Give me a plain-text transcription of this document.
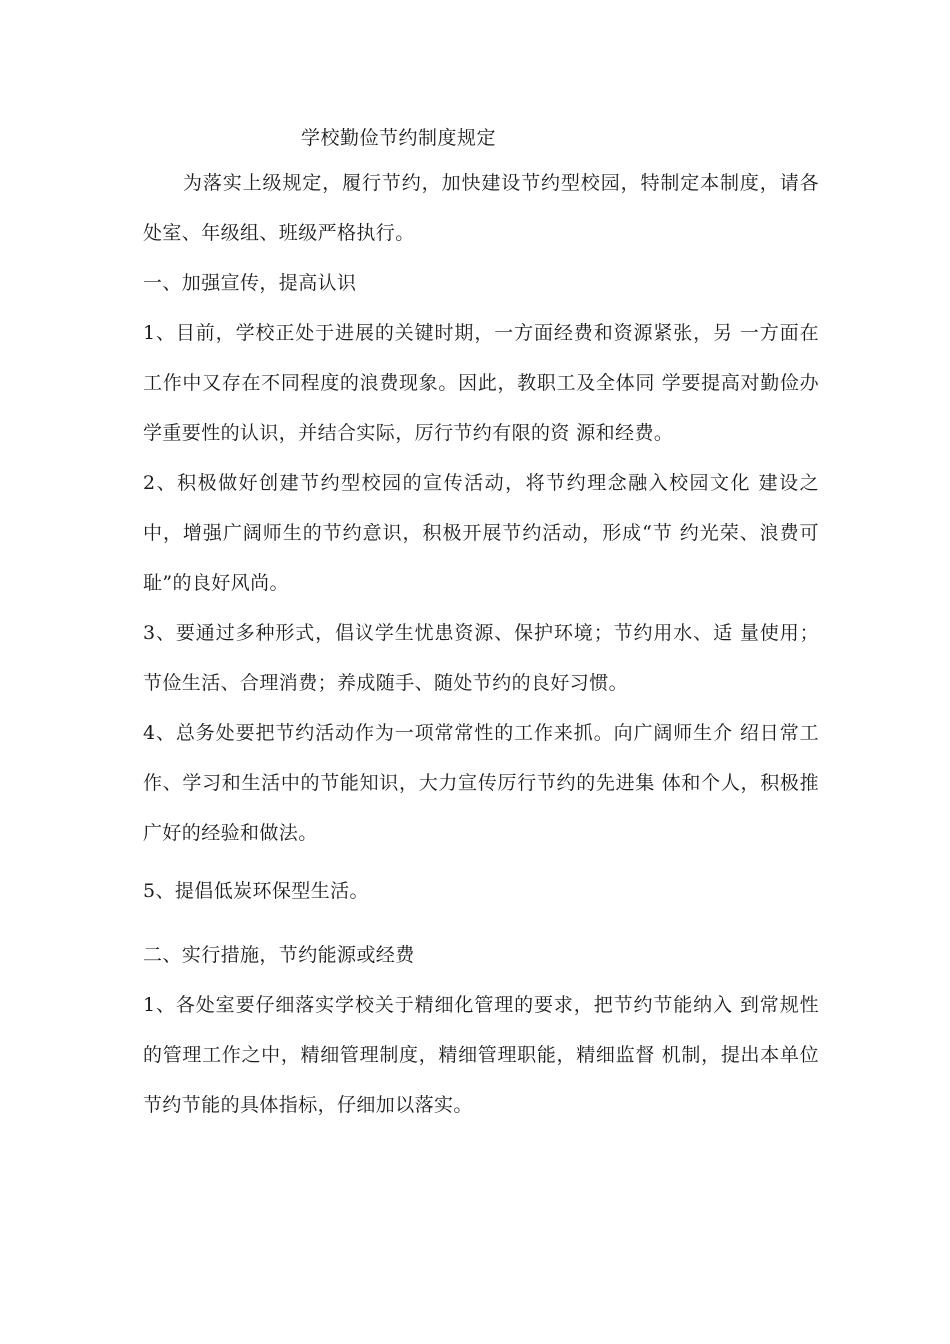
学校勤俭节约制度规定

为落实上级规定，履行节约，加快建设节约型校园，特制定本制度，请各处室、年级组、班级严格执行。

一、加强宣传，提高认识

1、目前，学校正处于进展的关键时期，一方面经费和资源紧张，另 一方面在工作中又存在不同程度的浪费现象。因此，教职工及全体同 学要提高对勤俭办学重要性的认识，并结合实际，厉行节约有限的资 源和经费。

2、积极做好创建节约型校园的宣传活动，将节约理念融入校园文化 建设之中，增强广阔师生的节约意识，积极开展节约活动，形成“节 约光荣、浪费可耻”的良好风尚。

3、要通过多种形式，倡议学生忧患资源、保护环境；节约用水、适 量使用；节俭生活、合理消费；养成随手、随处节约的良好习惯。

4、总务处要把节约活动作为一项常常性的工作来抓。向广阔师生介 绍日常工作、学习和生活中的节能知识，大力宣传厉行节约的先进集 体和个人，积极推广好的经验和做法。

5、提倡低炭环保型生活。

二、实行措施，节约能源或经费

1、各处室要仔细落实学校关于精细化管理的要求，把节约节能纳入 到常规性的管理工作之中，精细管理制度，精细管理职能，精细监督 机制，提出本单位节约节能的具体指标，仔细加以落实。
